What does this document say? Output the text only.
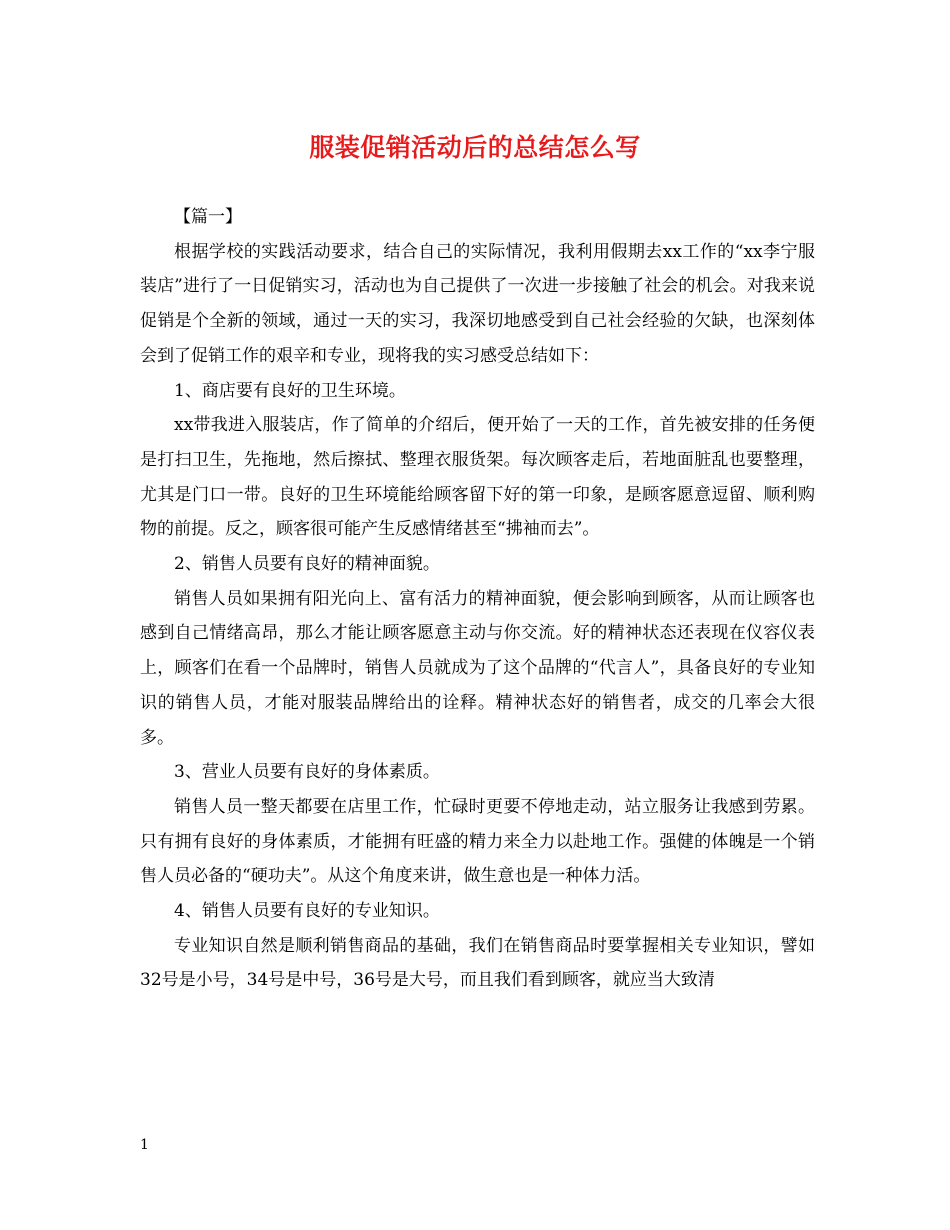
服装促销活动后的总结怎么写

【篇一】

根据学校的实践活动要求，结合自己的实际情况，我利用假期去xx工作的“xx李宁服装店”进行了一日促销实习，活动也为自己提供了一次进一步接触了社会的机会。对我来说促销是个全新的领域，通过一天的实习，我深切地感受到自己社会经验的欠缺，也深刻体会到了促销工作的艰辛和专业，现将我的实习感受总结如下：

1、商店要有良好的卫生环境。

xx带我进入服装店，作了简单的介绍后，便开始了一天的工作，首先被安排的任务便是打扫卫生，先拖地，然后擦拭、整理衣服货架。每次顾客走后，若地面脏乱也要整理，尤其是门口一带。良好的卫生环境能给顾客留下好的第一印象，是顾客愿意逗留、顺利购物的前提。反之，顾客很可能产生反感情绪甚至“拂袖而去”。

2、销售人员要有良好的精神面貌。

销售人员如果拥有阳光向上、富有活力的精神面貌，便会影响到顾客，从而让顾客也感到自己情绪高昂，那么才能让顾客愿意主动与你交流。好的精神状态还表现在仪容仪表上，顾客们在看一个品牌时，销售人员就成为了这个品牌的“代言人”，具备良好的专业知识的销售人员，才能对服装品牌给出的诠释。精神状态好的销售者，成交的几率会大很多。

3、营业人员要有良好的身体素质。

销售人员一整天都要在店里工作，忙碌时更要不停地走动，站立服务让我感到劳累。只有拥有良好的身体素质，才能拥有旺盛的精力来全力以赴地工作。强健的体魄是一个销售人员必备的“硬功夫”。从这个角度来讲，做生意也是一种体力活。

4、销售人员要有良好的专业知识。

专业知识自然是顺利销售商品的基础，我们在销售商品时要掌握相关专业知识，譬如32号是小号，34号是中号，36号是大号，而且我们看到顾客，就应当大致清

1
